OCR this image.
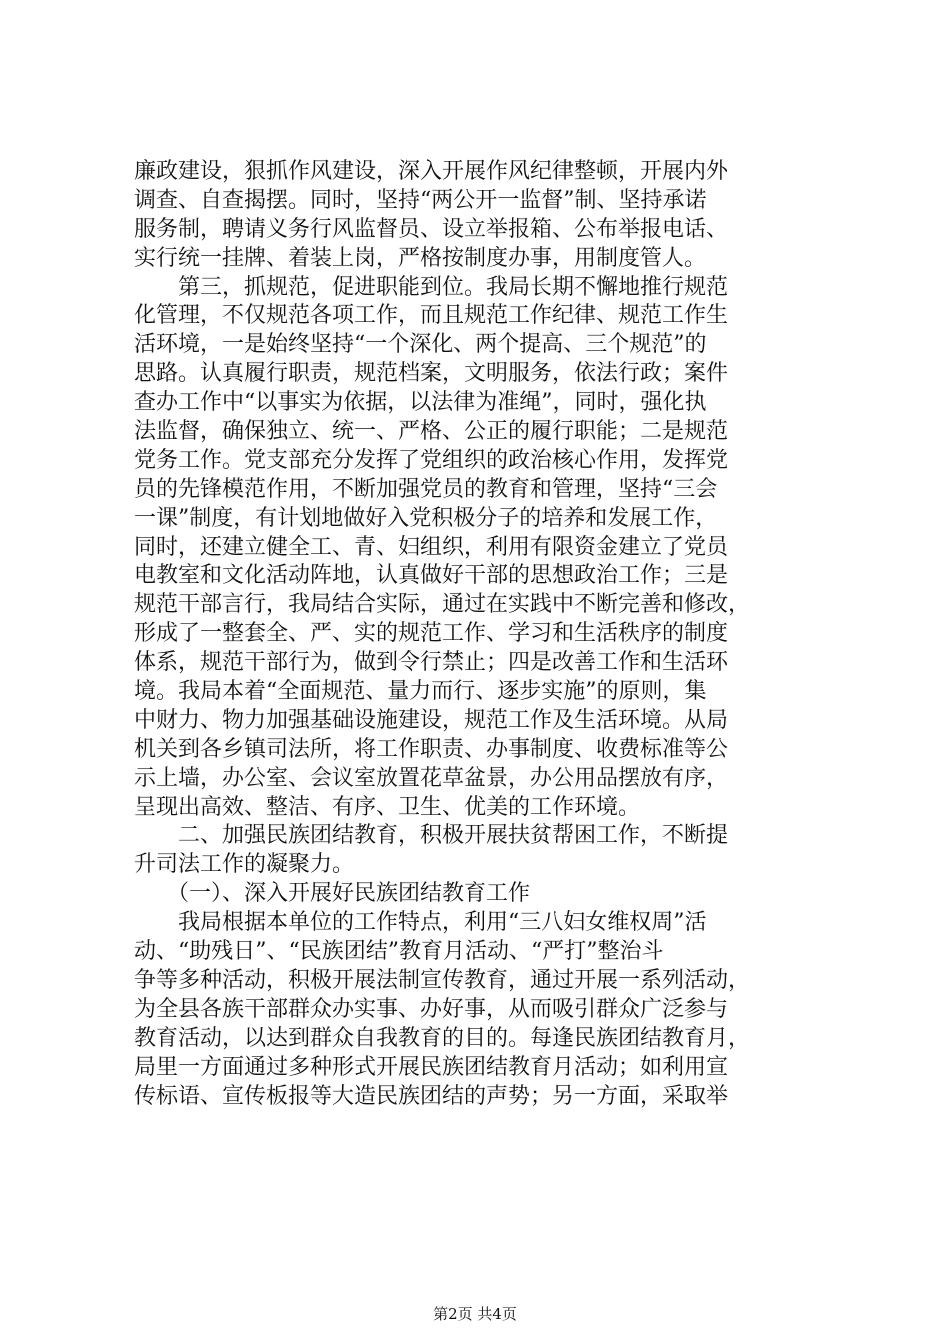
廉政建设，狠抓作风建设，深入开展作风纪律整顿，开展内外
调查、自查揭摆。同时，坚持“两公开一监督”制、坚持承诺
服务制，聘请义务行风监督员、设立举报箱、公布举报电话、
实行统一挂牌、着装上岗，严格按制度办事，用制度管人。
　　第三，抓规范，促进职能到位。我局长期不懈地推行规范
化管理，不仅规范各项工作，而且规范工作纪律、规范工作生
活环境，一是始终坚持“一个深化、两个提高、三个规范”的
思路。认真履行职责，规范档案，文明服务，依法行政；案件
查办工作中“以事实为依据，以法律为准绳”，同时，强化执
法监督，确保独立、统一、严格、公正的履行职能；二是规范
党务工作。党支部充分发挥了党组织的政治核心作用，发挥党
员的先锋模范作用，不断加强党员的教育和管理，坚持“三会
一课”制度，有计划地做好入党积极分子的培养和发展工作，
同时，还建立健全工、青、妇组织，利用有限资金建立了党员
电教室和文化活动阵地，认真做好干部的思想政治工作；三是
规范干部言行，我局结合实际，通过在实践中不断完善和修改，
形成了一整套全、严、实的规范工作、学习和生活秩序的制度
体系，规范干部行为，做到令行禁止；四是改善工作和生活环
境。我局本着“全面规范、量力而行、逐步实施”的原则，集
中财力、物力加强基础设施建设，规范工作及生活环境。从局
机关到各乡镇司法所，将工作职责、办事制度、收费标准等公
示上墙，办公室、会议室放置花草盆景，办公用品摆放有序，
呈现出高效、整洁、有序、卫生、优美的工作环境。
　　二、加强民族团结教育，积极开展扶贫帮困工作，不断提
升司法工作的凝聚力。
　　（一）、深入开展好民族团结教育工作
　　我局根据本单位的工作特点，利用“三八妇女维权周”活
动、“助残日”、“民族团结”教育月活动、“严打”整治斗
争等多种活动，积极开展法制宣传教育，通过开展一系列活动，
为全县各族干部群众办实事、办好事，从而吸引群众广泛参与
教育活动，以达到群众自我教育的目的。每逢民族团结教育月，
局里一方面通过多种形式开展民族团结教育月活动；如利用宣
传标语、宣传板报等大造民族团结的声势；另一方面，采取举
第2页 共4页
